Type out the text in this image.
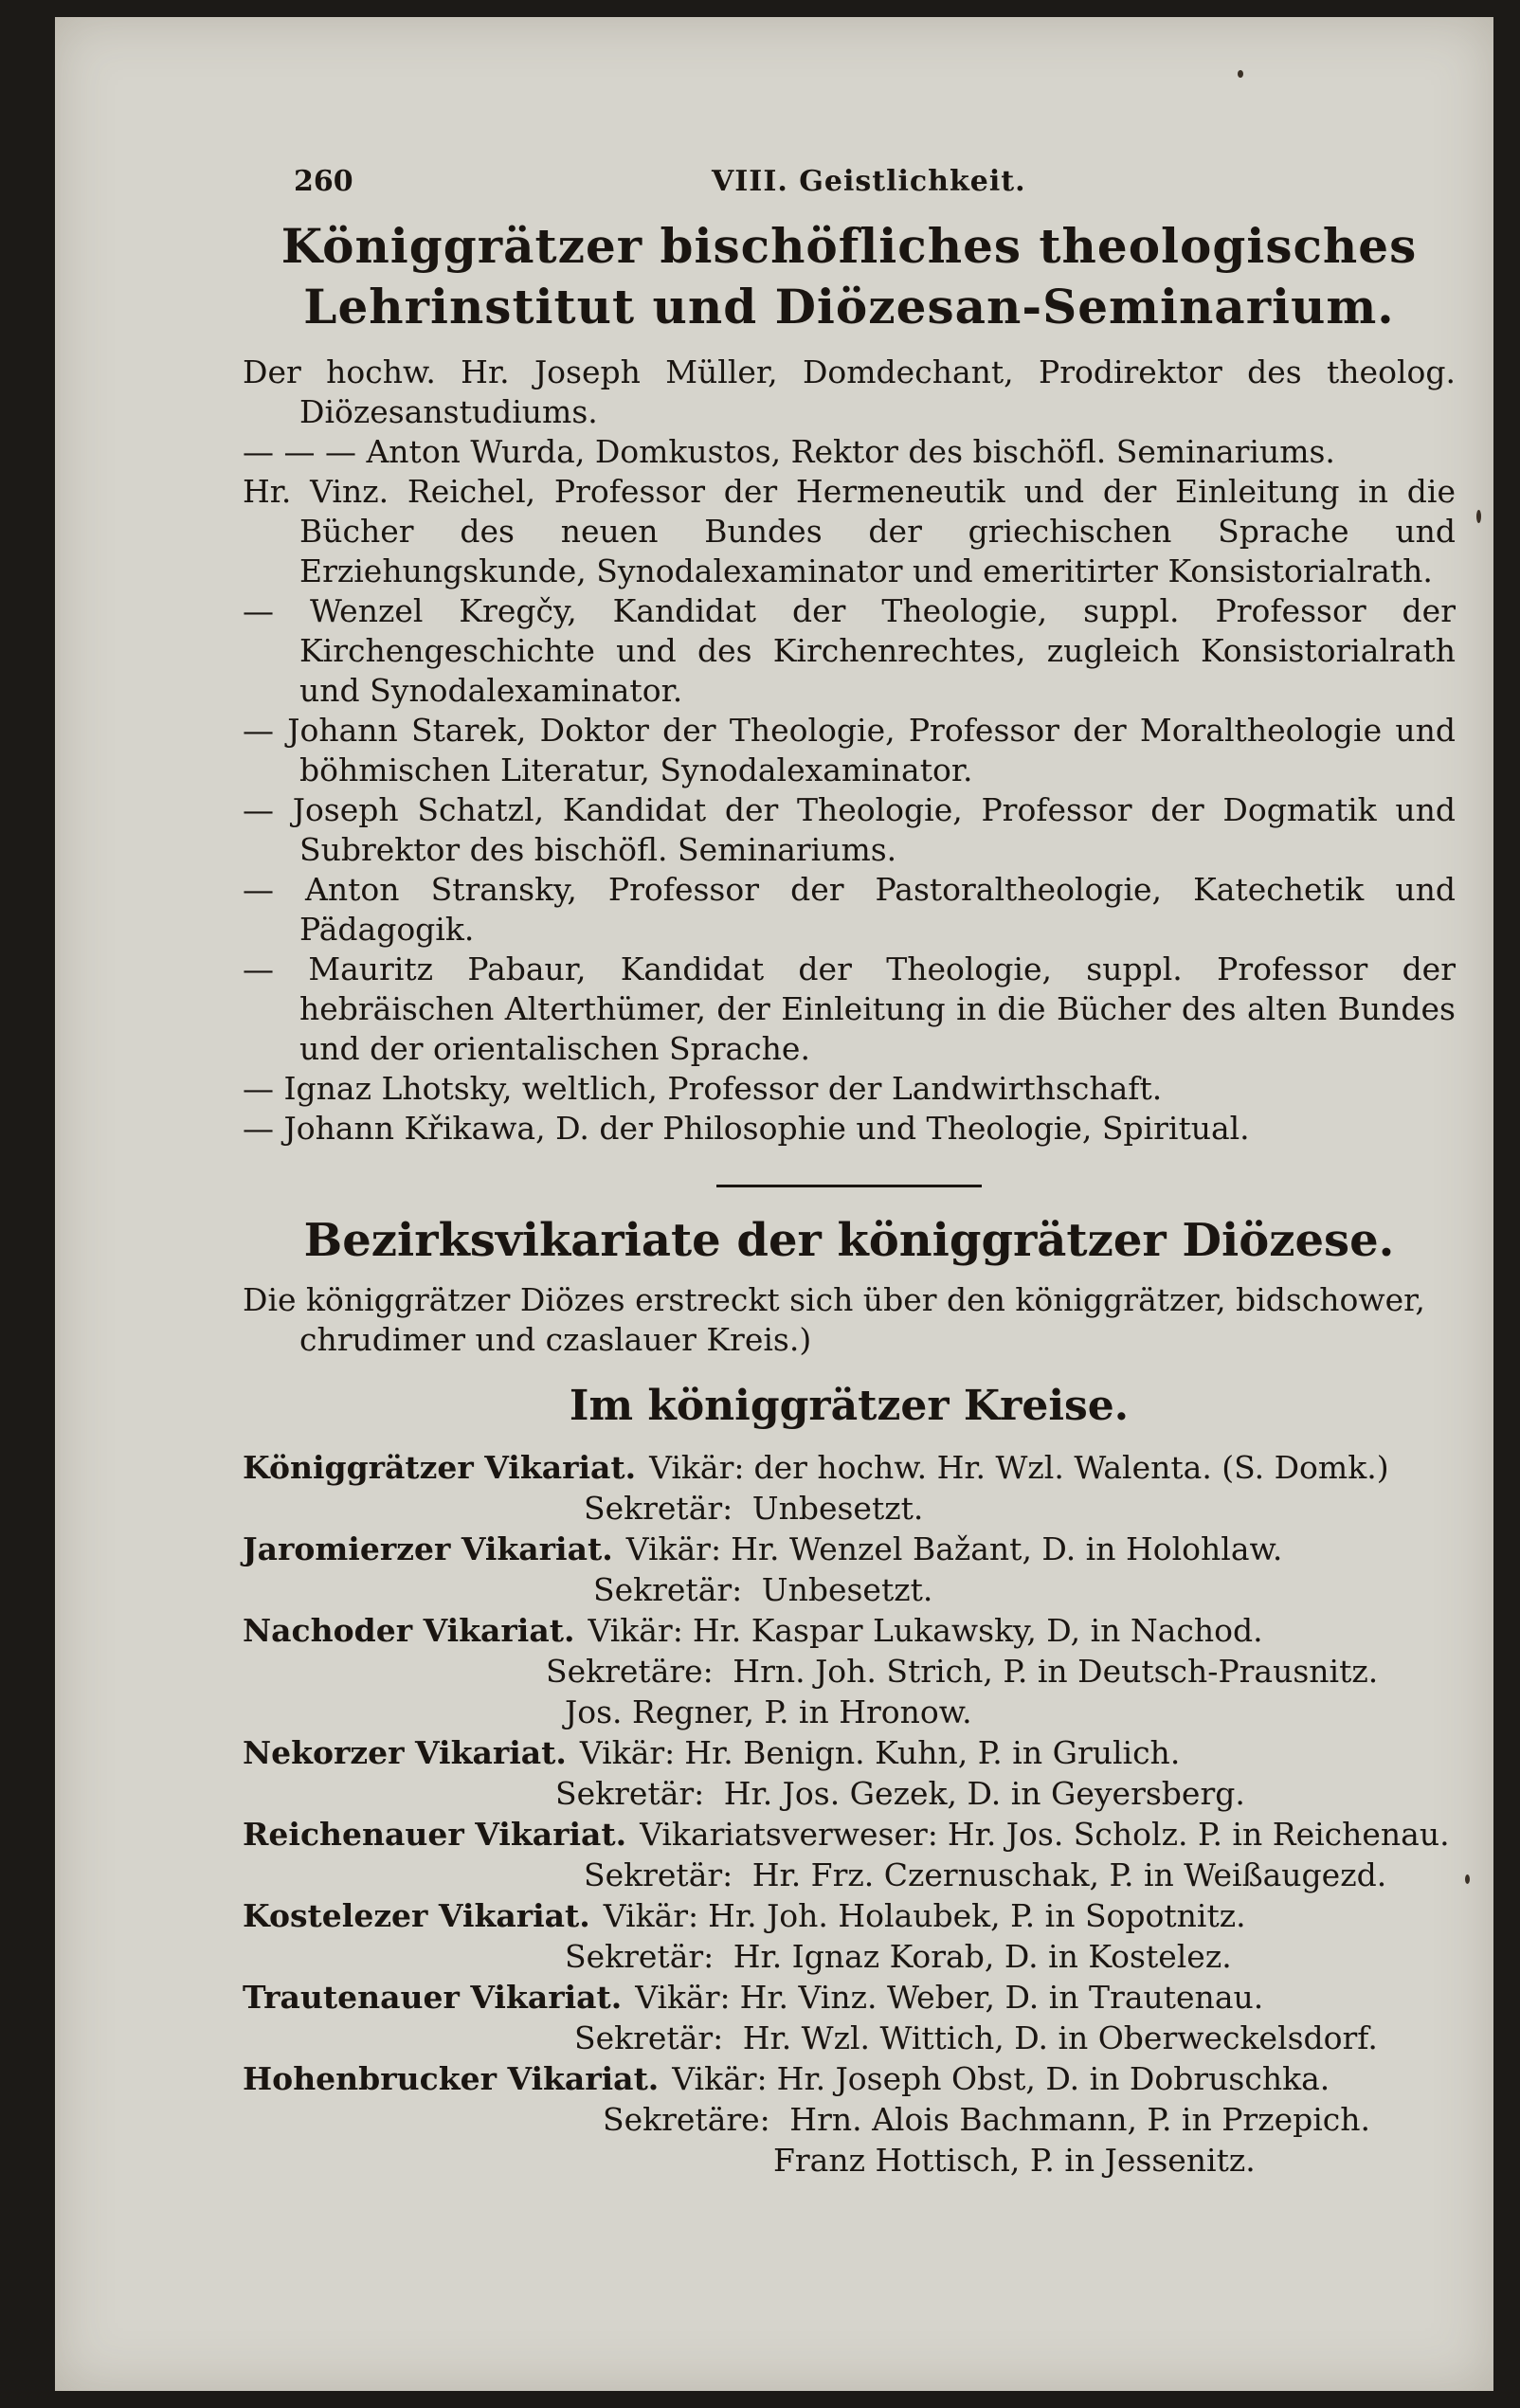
260	VIII. Geistlichkeit.
Königgrätzer bischöfliches theologisches Lehrinstitut und Diözesan-Seminarium.
Der hochw. Hr. Joseph Müller, Domdechant, Prodirektor des theolog. Diözesanstudiums.
— — — Anton Wurda, Domkustos, Rektor des bischöfl. Seminariums.
Hr. Vinz. Reichel, Professor der Hermeneutik und der Einleitung in die Bücher des neuen Bundes der griechischen Sprache und Erziehungskunde, Synodalexaminator und emeritirter Konsistorialrath.
— Wenzel Kregčy, Kandidat der Theologie, suppl. Professor der Kirchengeschichte und des Kirchenrechtes, zugleich Konsistorialrath und Synodalexaminator.
— Johann Starek, Doktor der Theologie, Professor der Moraltheologie und böhmischen Literatur, Synodalexaminator.
— Joseph Schatzl, Kandidat der Theologie, Professor der Dogmatik und Subrektor des bischöfl. Seminariums.
— Anton Stransky, Professor der Pastoraltheologie, Katechetik und Pädagogik.
— Mauritz Pabaur, Kandidat der Theologie, suppl. Professor der hebräischen Alterthümer, der Einleitung in die Bücher des alten Bundes und der orientalischen Sprache.
— Ignaz Lhotsky, weltlich, Professor der Landwirthschaft.
— Johann Křikawa, D. der Philosophie und Theologie, Spiritual.
Bezirksvikariate der königgrätzer Diözese.
Die königgrätzer Diözes erstreckt sich über den königgrätzer, bidschower, chrudimer und czaslauer Kreis.)
Im königgrätzer Kreise.
Königgrätzer Vikariat. Vikär: der hochw. Hr. Wzl. Walenta. (S. Domk.)
Sekretär: Unbesetzt.
Jaromierzer Vikariat. Vikär: Hr. Wenzel Bažant, D. in Holohlaw.
Sekretär: Unbesetzt.
Nachoder Vikariat. Vikär: Hr. Kaspar Lukawsky, D, in Nachod.
Sekretäre: Hrn. Joh. Strich, P. in Deutsch-Prausnitz.
Jos. Regner, P. in Hronow.
Nekorzer Vikariat. Vikär: Hr. Benign. Kuhn, P. in Grulich.
Sekretär: Hr. Jos. Gezek, D. in Geyersberg.
Reichenauer Vikariat. Vikariatsverweser: Hr. Jos. Scholz. P. in Reichenau.
Sekretär: Hr. Frz. Czernuschak, P. in Weißaugezd.
Kostelezer Vikariat. Vikär: Hr. Joh. Holaubek, P. in Sopotnitz.
Sekretär: Hr. Ignaz Korab, D. in Kostelez.
Trautenauer Vikariat. Vikär: Hr. Vinz. Weber, D. in Trautenau.
Sekretär: Hr. Wzl. Wittich, D. in Oberweckelsdorf.
Hohenbrucker Vikariat. Vikär: Hr. Joseph Obst, D. in Dobruschka.
Sekretäre: Hrn. Alois Bachmann, P. in Przepich.
Franz Hottisch, P. in Jessenitz.
